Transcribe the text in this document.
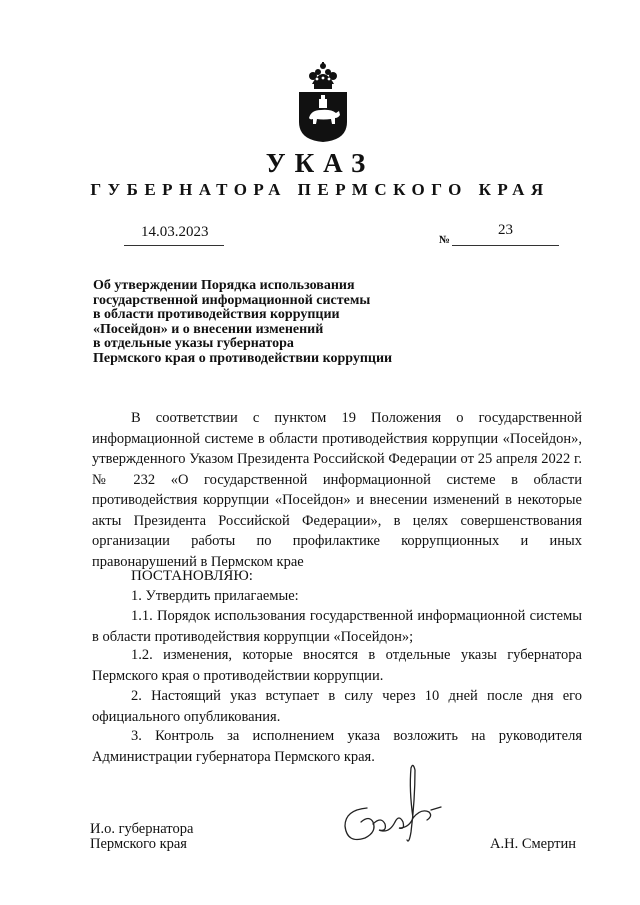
УКАЗ
ГУБЕРНАТОРА ПЕРМСКОГО КРАЯ
14.03.2023	№
23
Об утверждении Порядка использования
государственной информационной системы
в области противодействия коррупции
«Посейдон» и о внесении изменений
в отдельные указы губернатора
Пермского края о противодействии коррупции
В соответствии с пунктом 19 Положения о государственной информационной системе в области противодействия коррупции «Посейдон», утвержденного Указом Президента Российской Федерации от 25 апреля 2022 г. № 232 «О государственной информационной системе в области противодействия коррупции «Посейдон» и внесении изменений в некоторые акты Президента Российской Федерации», в целях совершенствования организации работы по профилактике коррупционных и иных правонарушений в Пермском крае
ПОСТАНОВЛЯЮ:
1. Утвердить прилагаемые:
1.1. Порядок использования государственной информационной системы в области противодействия коррупции «Посейдон»;
1.2. изменения, которые вносятся в отдельные указы губернатора Пермского края о противодействии коррупции.
2. Настоящий указ вступает в силу через 10 дней после дня его официального опубликования.
3. Контроль за исполнением указа возложить на руководителя Администрации губернатора Пермского края.
И.о. губернатора
Пермского края	А.Н. Смертин
